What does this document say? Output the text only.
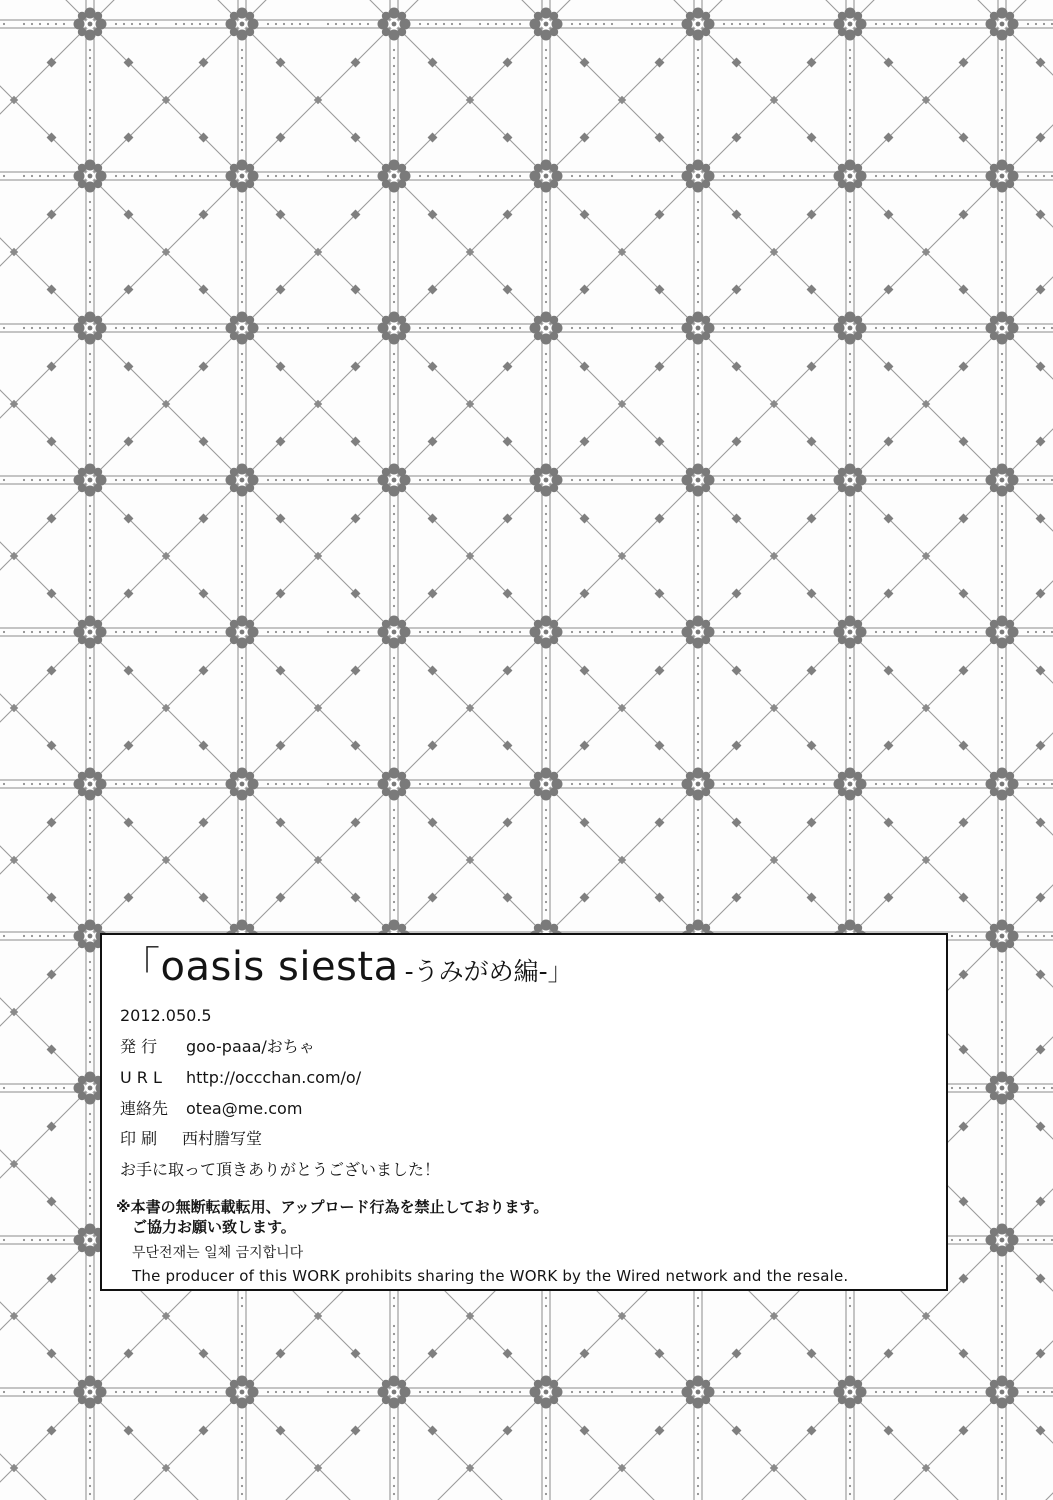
「oasis siesta -うみがめ編-」
2012.050.5
発 行 goo-paaa/おちゃ
U R L http://occchan.com/o/
連絡先 otea@me.com
印 刷 西村謄写堂
お手に取って頂きありがとうございました！
※本書の無断転載転用、アップロード行為を禁止しております。
ご協力お願い致します。
무단전재는 일체 금지합니다
The producer of this WORK prohibits sharing the WORK by the Wired network and the resale.
